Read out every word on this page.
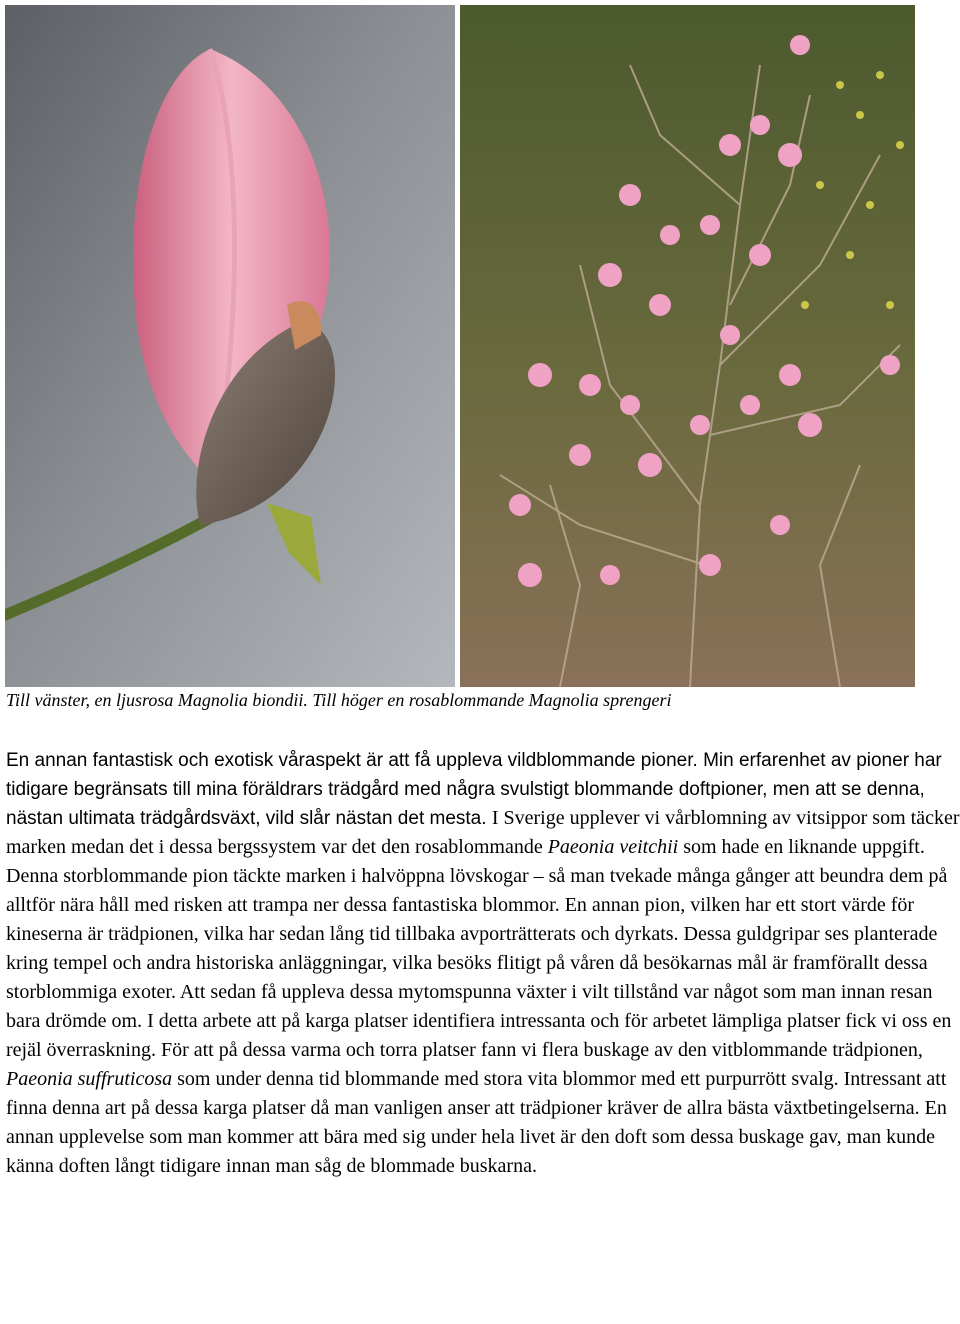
Till vänster, en ljusrosa Magnolia biondii. Till höger en rosablommande Magnolia sprengeri

En annan fantastisk och exotisk våraspekt är att få uppleva vildblommande pioner. Min erfarenhet av pioner har tidigare begränsats till mina föräldrars trädgård med några svulstigt blommande doftpioner, men att se denna, nästan ultimata trädgårdsväxt, vild slår nästan det mesta. I Sverige upplever vi vårblomning av vitsippor som täcker marken medan det i dessa bergssystem var det den rosablommande Paeonia veitchii som hade en liknande uppgift. Denna storblommande pion täckte marken i halvöppna lövskogar – så man tvekade många gånger att beundra dem på alltför nära håll med risken att trampa ner dessa fantastiska blommor. En annan pion, vilken har ett stort värde för kineserna är trädpionen, vilka har sedan lång tid tillbaka avporträtterats och dyrkats. Dessa guldgripar ses planterade kring tempel och andra historiska anläggningar, vilka besöks flitigt på våren då besökarnas mål är framförallt dessa storblommiga exoter. Att sedan få uppleva dessa mytomspunna växter i vilt tillstånd var något som man innan resan bara drömde om. I detta arbete att på karga platser identifiera intressanta och för arbetet lämpliga platser fick vi oss en rejäl överraskning. För att på dessa varma och torra platser fann vi flera buskage av den vitblommande trädpionen, Paeonia suffruticosa som under denna tid blommande med stora vita blommor med ett purpurrött svalg. Intressant att finna denna art på dessa karga platser då man vanligen anser att trädpioner kräver de allra bästa växtbetingelserna. En annan upplevelse som man kommer att bära med sig under hela livet är den doft som dessa buskage gav, man kunde känna doften långt tidigare innan man såg de blommade buskarna.
